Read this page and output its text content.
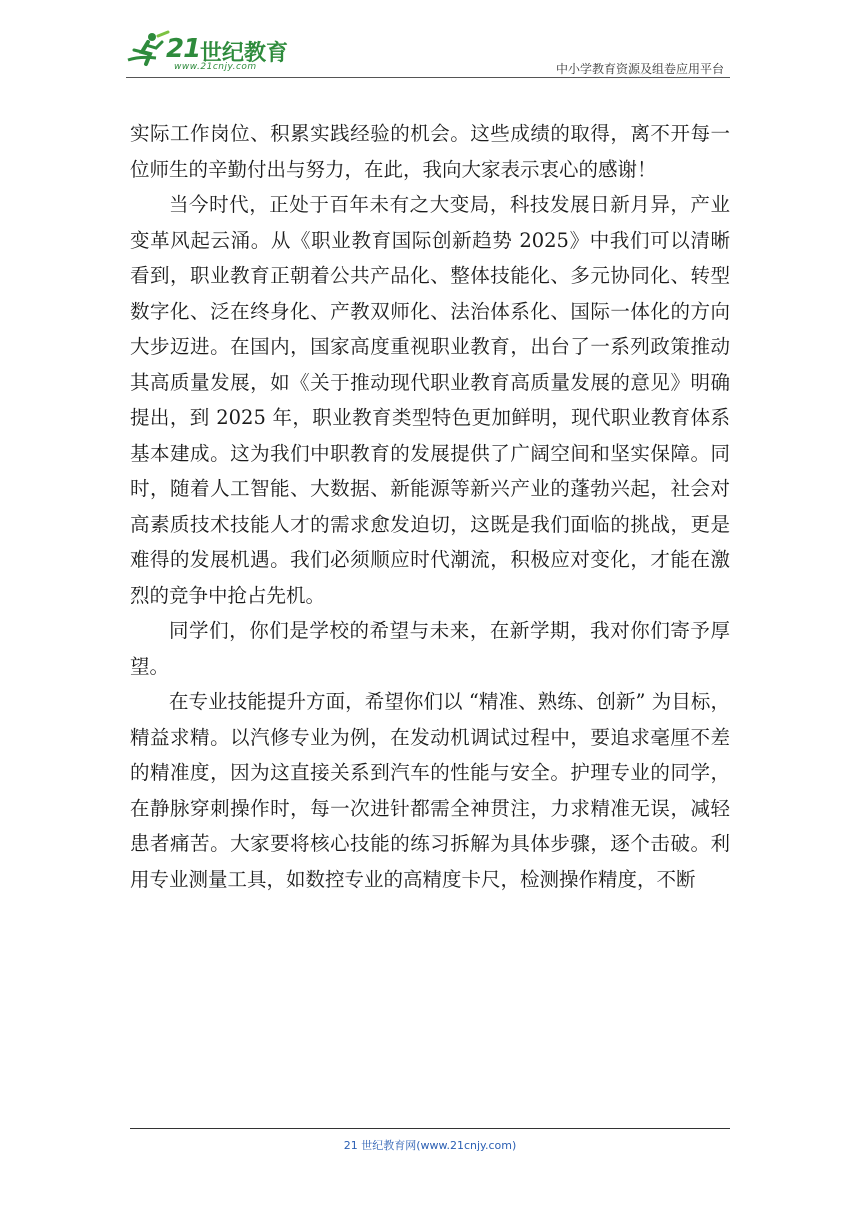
21 世纪教育
www.21cnjy.com	中小学教育资源及组卷应用平台

实际工作岗位、积累实践经验的机会。这些成绩的取得，离不开每一位师生的辛勤付出与努力，在此，我向大家表示衷心的感谢！

当今时代，正处于百年未有之大变局，科技发展日新月异，产业变革风起云涌。从《职业教育国际创新趋势 2025》中我们可以清晰看到，职业教育正朝着公共产品化、整体技能化、多元协同化、转型数字化、泛在终身化、产教双师化、法治体系化、国际一体化的方向大步迈进。在国内，国家高度重视职业教育，出台了一系列政策推动其高质量发展，如《关于推动现代职业教育高质量发展的意见》明确提出，到 2025 年，职业教育类型特色更加鲜明，现代职业教育体系基本建成。这为我们中职教育的发展提供了广阔空间和坚实保障。同时，随着人工智能、大数据、新能源等新兴产业的蓬勃兴起，社会对高素质技术技能人才的需求愈发迫切，这既是我们面临的挑战，更是难得的发展机遇。我们必须顺应时代潮流，积极应对变化，才能在激烈的竞争中抢占先机。

同学们，你们是学校的希望与未来，在新学期，我对你们寄予厚望。

在专业技能提升方面，希望你们以 “精准、熟练、创新” 为目标，精益求精。以汽修专业为例，在发动机调试过程中，要追求毫厘不差的精准度，因为这直接关系到汽车的性能与安全。护理专业的同学，在静脉穿刺操作时，每一次进针都需全神贯注，力求精准无误，减轻患者痛苦。大家要将核心技能的练习拆解为具体步骤，逐个击破。利用专业测量工具，如数控专业的高精度卡尺，检测操作精度，不断

21 世纪教育网(www.21cnjy.com)
